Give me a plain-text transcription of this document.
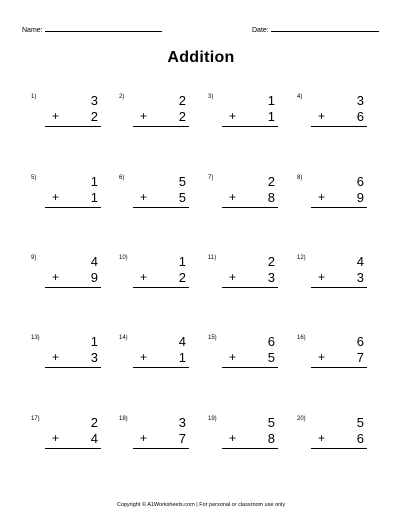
Name:	Date:
Addition
1)	3
+ 2
2)	2
+ 2
3)	1
+ 1
4)	3
+ 6
5)	1
+ 1
6)	5
+ 5
7)	2
+ 8
8)	6
+ 9
9)	4
+ 9
10)	1
+ 2
11)	2
+ 3
12)	4
+ 3
13)	1
+ 3
14)	4
+ 1
15)	6
+ 5
16)	6
+ 7
17)	2
+ 4
18)	3
+ 7
19)	5
+ 8
20)	5
+ 6
Copyright © A1Worksheets.com | For personal or classroom use only
